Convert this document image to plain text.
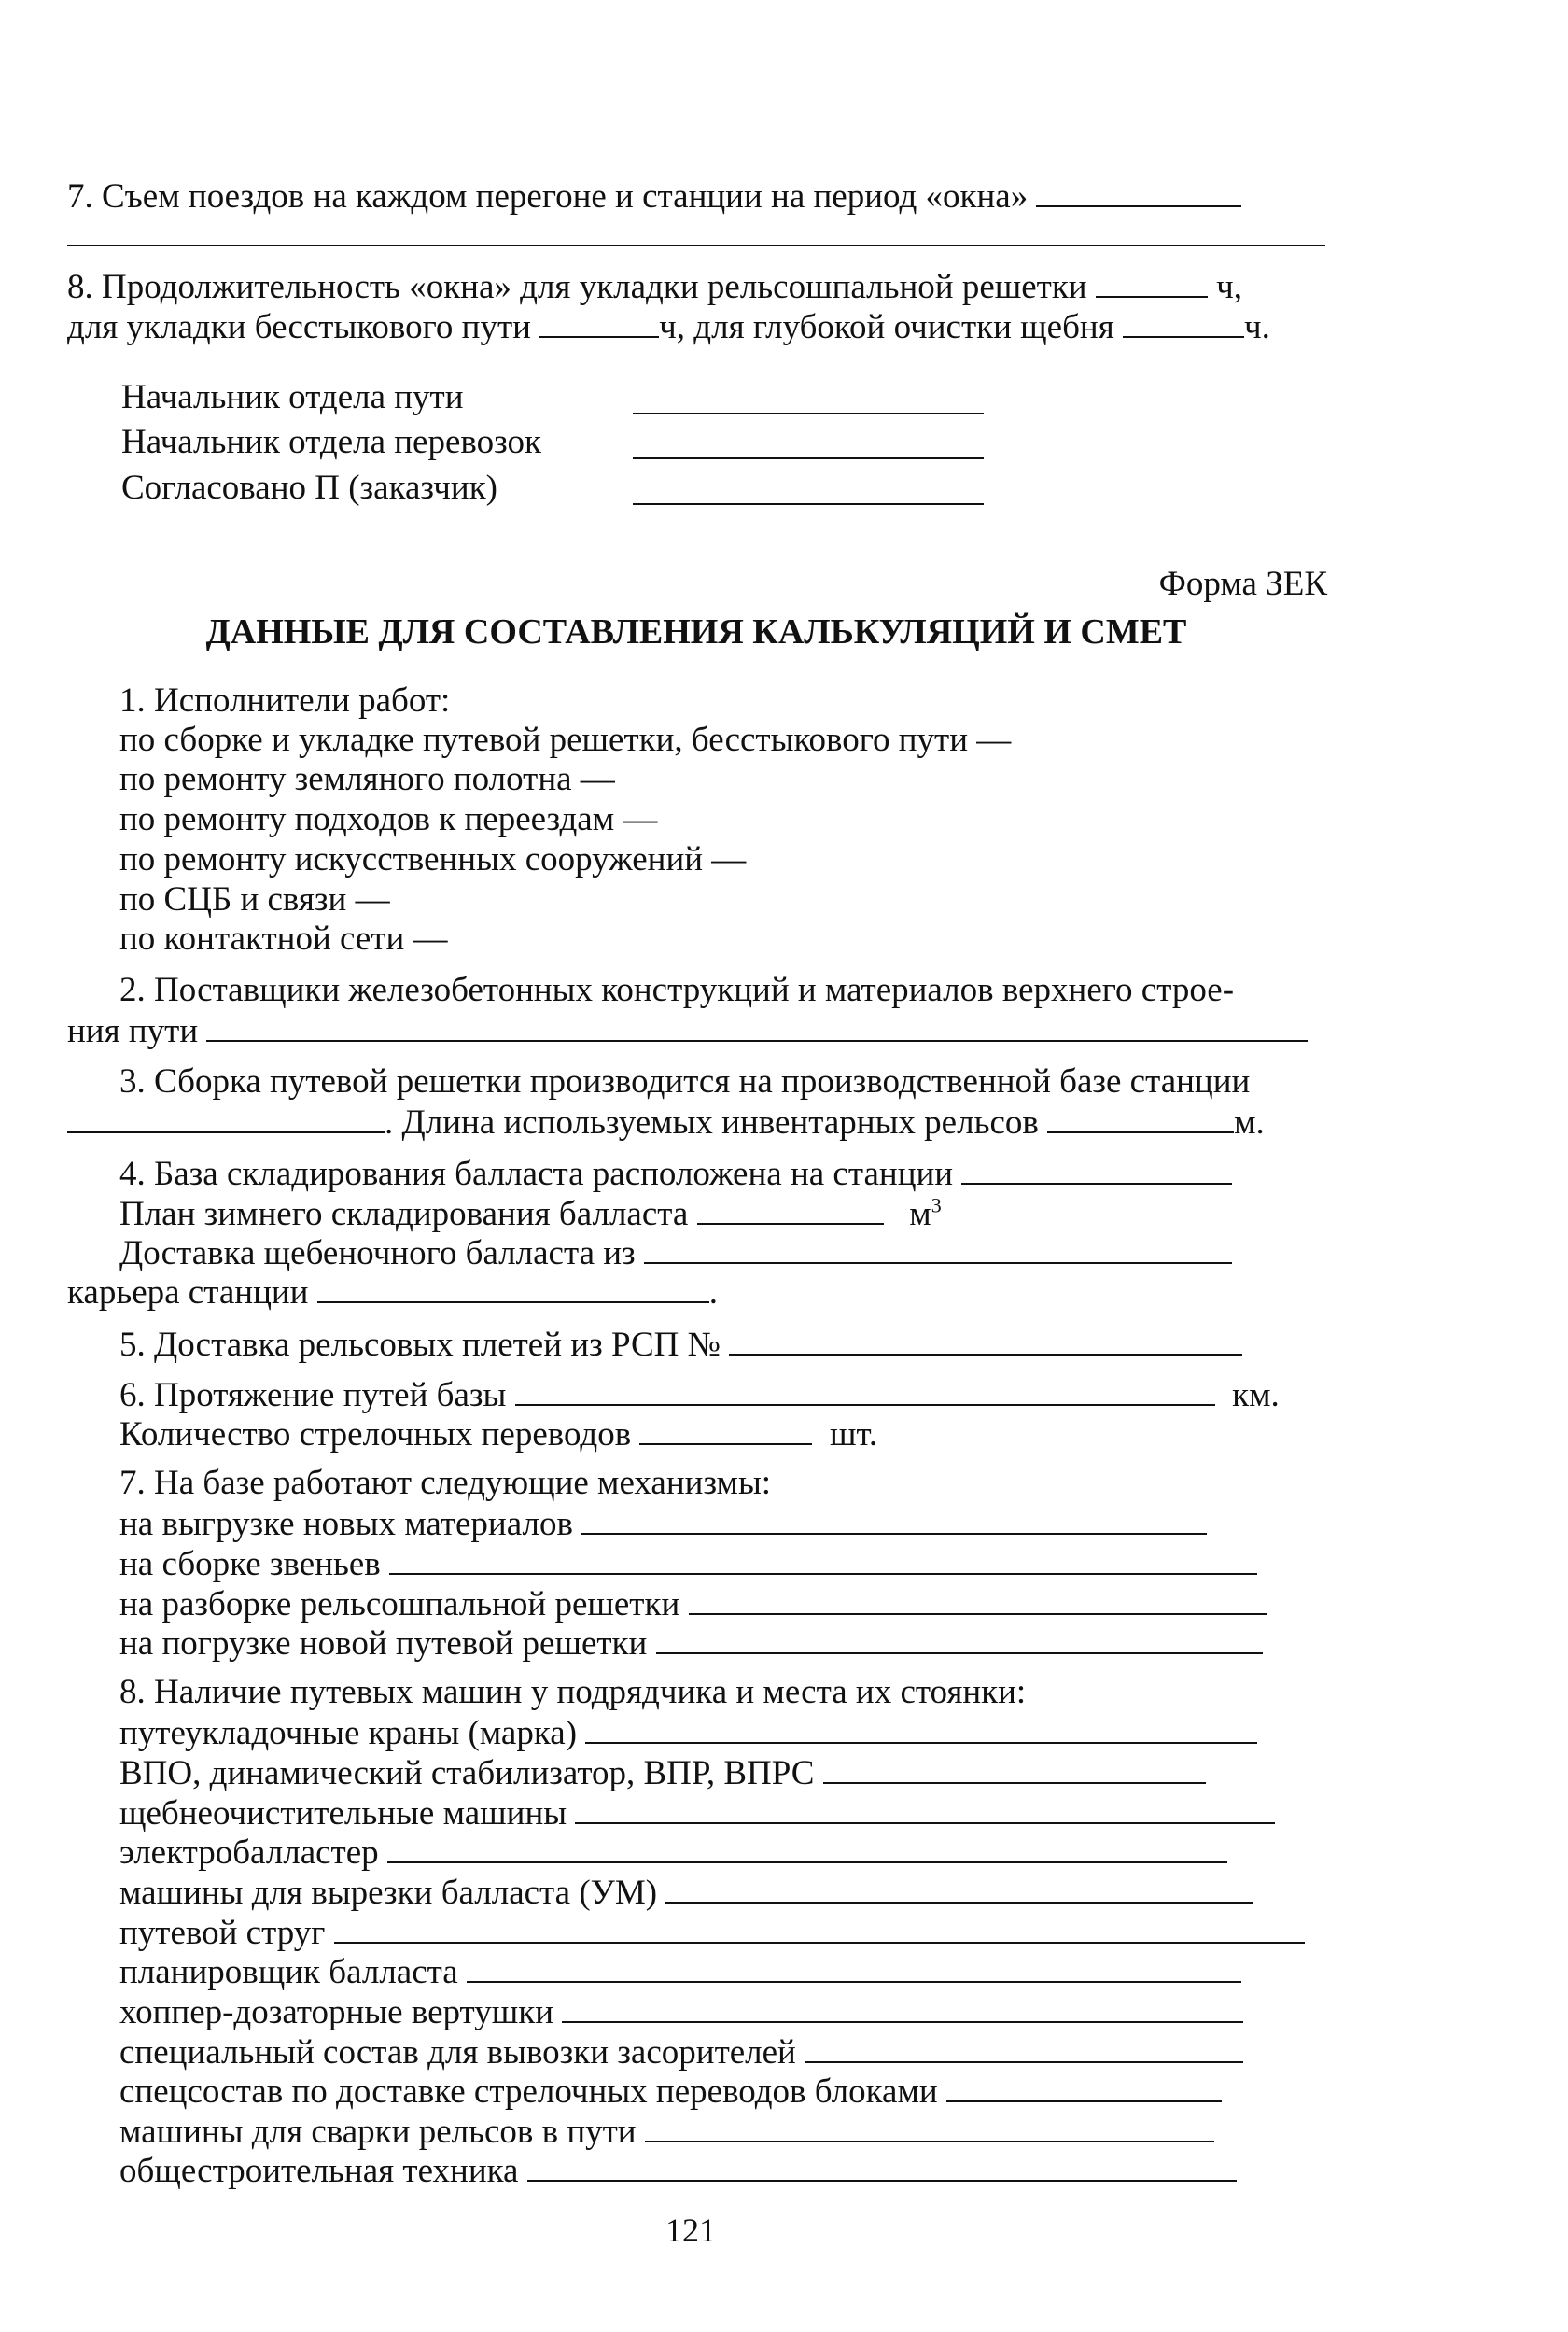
7. Съем поездов на каждом перегоне и станции на период «окна»
8. Продолжительность «окна» для укладки рельсошпальной решетки	ч,
для укладки бесстыкового пути	ч, для глубокой очистки щебня	ч.
Начальник отдела пути
Начальник отдела перевозок
Согласовано П (заказчик)
Форма ЗЕК
ДАННЫЕ ДЛЯ СОСТАВЛЕНИЯ КАЛЬКУЛЯЦИЙ И СМЕТ
1. Исполнители работ:
по сборке и укладке путевой решетки, бесстыкового пути —
по ремонту земляного полотна —
по ремонту подходов к переездам —
по ремонту искусственных сооружений —
по СЦБ и связи —
по контактной сети —
2. Поставщики железобетонных конструкций и материалов верхнего строе-
ния пути
3. Сборка путевой решетки производится на производственной базе станции
. Длина используемых инвентарных рельсов	м.
4. База складирования балласта расположена на станции
План зимнего складирования балласта	$м^3$
Доставка щебеночного балласта из
карьера станции	.
5. Доставка рельсовых плетей из РСП №
6. Протяжение путей базы	км.
Количество стрелочных переводов	шт.
7. На базе работают следующие механизмы:
на выгрузке новых материалов
на сборке звеньев
на разборке рельсошпальной решетки
на погрузке новой путевой решетки
8. Наличие путевых машин у подрядчика и места их стоянки:
путеукладочные краны (марка)
ВПО, динамический стабилизатор, ВПР, ВПРС
щебнеочистительные машины
электробалластер
машины для вырезки балласта (УМ)
путевой струг
планировщик балласта
хоппер-дозаторные вертушки
специальный состав для вывозки засорителей
спецсостав по доставке стрелочных переводов блоками
машины для сварки рельсов в пути
общестроительная техника
121
